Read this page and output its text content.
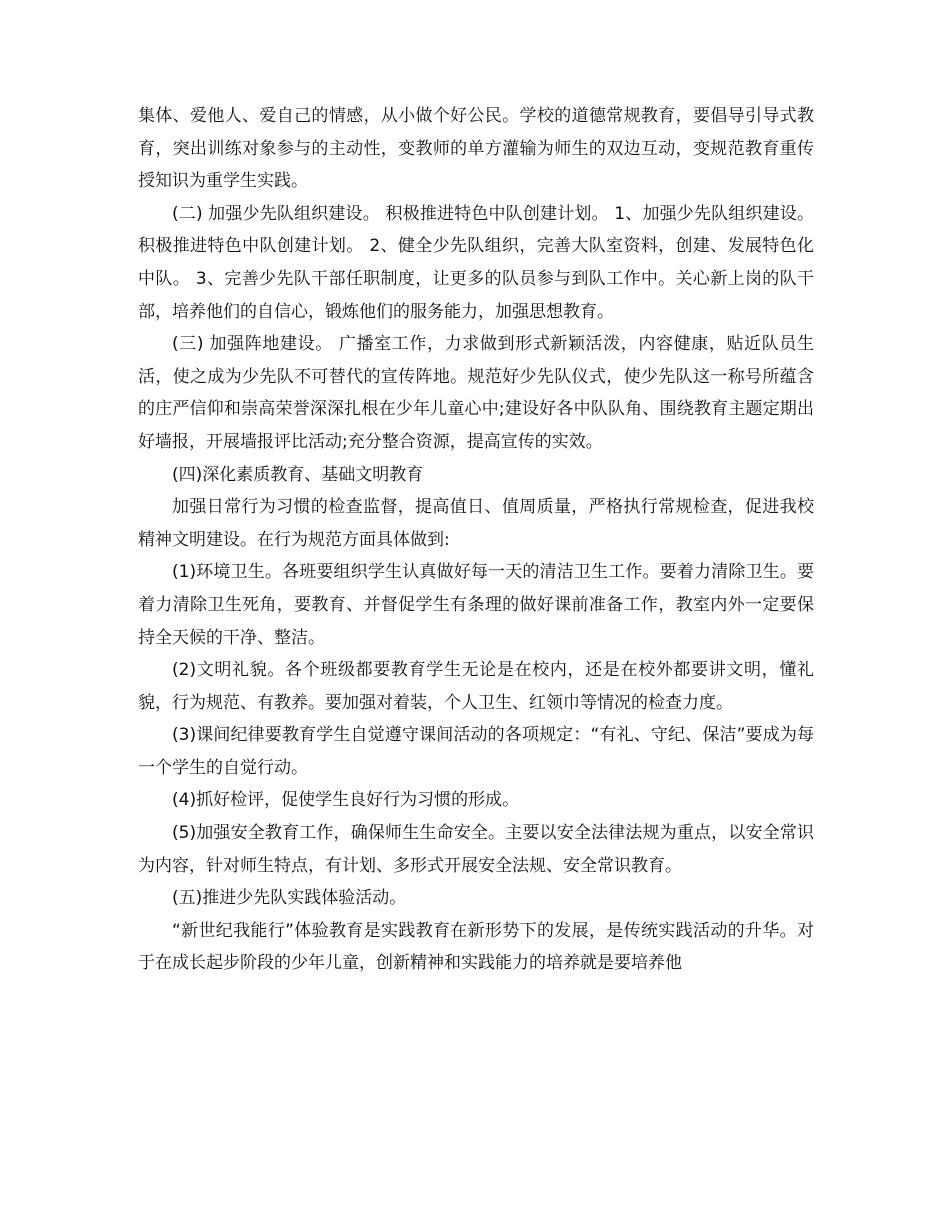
集体、爱他人、爱自己的情感，从小做个好公民。学校的道德常规教育，要倡导引导式教育，突出训练对象参与的主动性，变教师的单方灌输为师生的双边互动，变规范教育重传授知识为重学生实践。

(二) 加强少先队组织建设。 积极推进特色中队创建计划。 1、加强少先队组织建设。 积极推进特色中队创建计划。 2、健全少先队组织，完善大队室资料，创建、发展特色化中队。 3、完善少先队干部任职制度，让更多的队员参与到队工作中。关心新上岗的队干部，培养他们的自信心，锻炼他们的服务能力，加强思想教育。

(三) 加强阵地建设。 广播室工作，力求做到形式新颖活泼，内容健康，贴近队员生活，使之成为少先队不可替代的宣传阵地。规范好少先队仪式，使少先队这一称号所蕴含的庄严信仰和崇高荣誉深深扎根在少年儿童心中;建设好各中队队角、围绕教育主题定期出好墙报，开展墙报评比活动;充分整合资源，提高宣传的实效。

(四)深化素质教育、基础文明教育

加强日常行为习惯的检查监督，提高值日、值周质量，严格执行常规检查，促进我校精神文明建设。在行为规范方面具体做到:

(1)环境卫生。各班要组织学生认真做好每一天的清洁卫生工作。要着力清除卫生。要着力清除卫生死角，要教育、并督促学生有条理的做好课前准备工作，教室内外一定要保持全天候的干净、整洁。

(2)文明礼貌。各个班级都要教育学生无论是在校内，还是在校外都要讲文明，懂礼貌，行为规范、有教养。要加强对着装，个人卫生、红领巾等情况的检查力度。

(3)课间纪律要教育学生自觉遵守课间活动的各项规定：“有礼、守纪、保洁”要成为每一个学生的自觉行动。

(4)抓好检评，促使学生良好行为习惯的形成。

(5)加强安全教育工作，确保师生生命安全。主要以安全法律法规为重点，以安全常识为内容，针对师生特点，有计划、多形式开展安全法规、安全常识教育。

(五)推进少先队实践体验活动。

“新世纪我能行”体验教育是实践教育在新形势下的发展，是传统实践活动的升华。对于在成长起步阶段的少年儿童，创新精神和实践能力的培养就是要培养他
